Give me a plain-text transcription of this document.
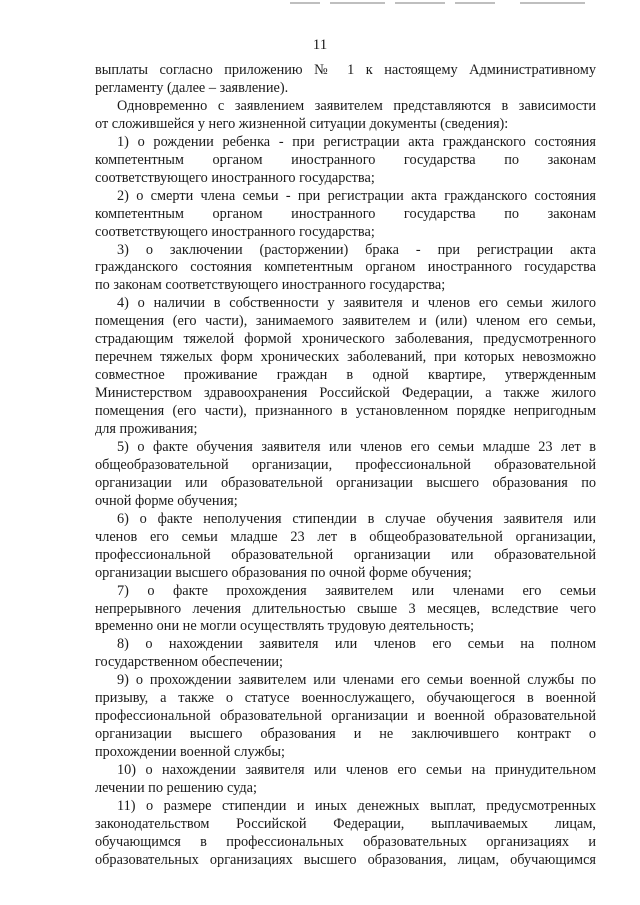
11
выплаты согласно приложению № 1 к настоящему Административному
регламенту (далее – заявление).
Одновременно с заявлением заявителем представляются в зависимости
от сложившейся у него жизненной ситуации документы (сведения):
1) о рождении ребенка - при регистрации акта гражданского состояния
компетентным органом иностранного государства по законам
соответствующего иностранного государства;
2) о смерти члена семьи - при регистрации акта гражданского состояния
компетентным органом иностранного государства по законам
соответствующего иностранного государства;
3) о заключении (расторжении) брака - при регистрации акта
гражданского состояния компетентным органом иностранного государства
по законам соответствующего иностранного государства;
4) о наличии в собственности у заявителя и членов его семьи жилого
помещения (его части), занимаемого заявителем и (или) членом его семьи,
страдающим тяжелой формой хронического заболевания, предусмотренного
перечнем тяжелых форм хронических заболеваний, при которых невозможно
совместное проживание граждан в одной квартире, утвержденным
Министерством здравоохранения Российской Федерации, а также жилого
помещения (его части), признанного в установленном порядке непригодным
для проживания;
5) о факте обучения заявителя или членов его семьи младше 23 лет в
общеобразовательной организации, профессиональной образовательной
организации или образовательной организации высшего образования по
очной форме обучения;
6) о факте неполучения стипендии в случае обучения заявителя или
членов его семьи младше 23 лет в общеобразовательной организации,
профессиональной образовательной организации или образовательной
организации высшего образования по очной форме обучения;
7) о факте прохождения заявителем или членами его семьи
непрерывного лечения длительностью свыше 3 месяцев, вследствие чего
временно они не могли осуществлять трудовую деятельность;
8) о нахождении заявителя или членов его семьи на полном
государственном обеспечении;
9) о прохождении заявителем или членами его семьи военной службы по
призыву, а также о статусе военнослужащего, обучающегося в военной
профессиональной образовательной организации и военной образовательной
организации высшего образования и не заключившего контракт о
прохождении военной службы;
10) о нахождении заявителя или членов его семьи на принудительном
лечении по решению суда;
11) о размере стипендии и иных денежных выплат, предусмотренных
законодательством Российской Федерации, выплачиваемых лицам,
обучающимся в профессиональных образовательных организациях и
образовательных организациях высшего образования, лицам, обучающимся
